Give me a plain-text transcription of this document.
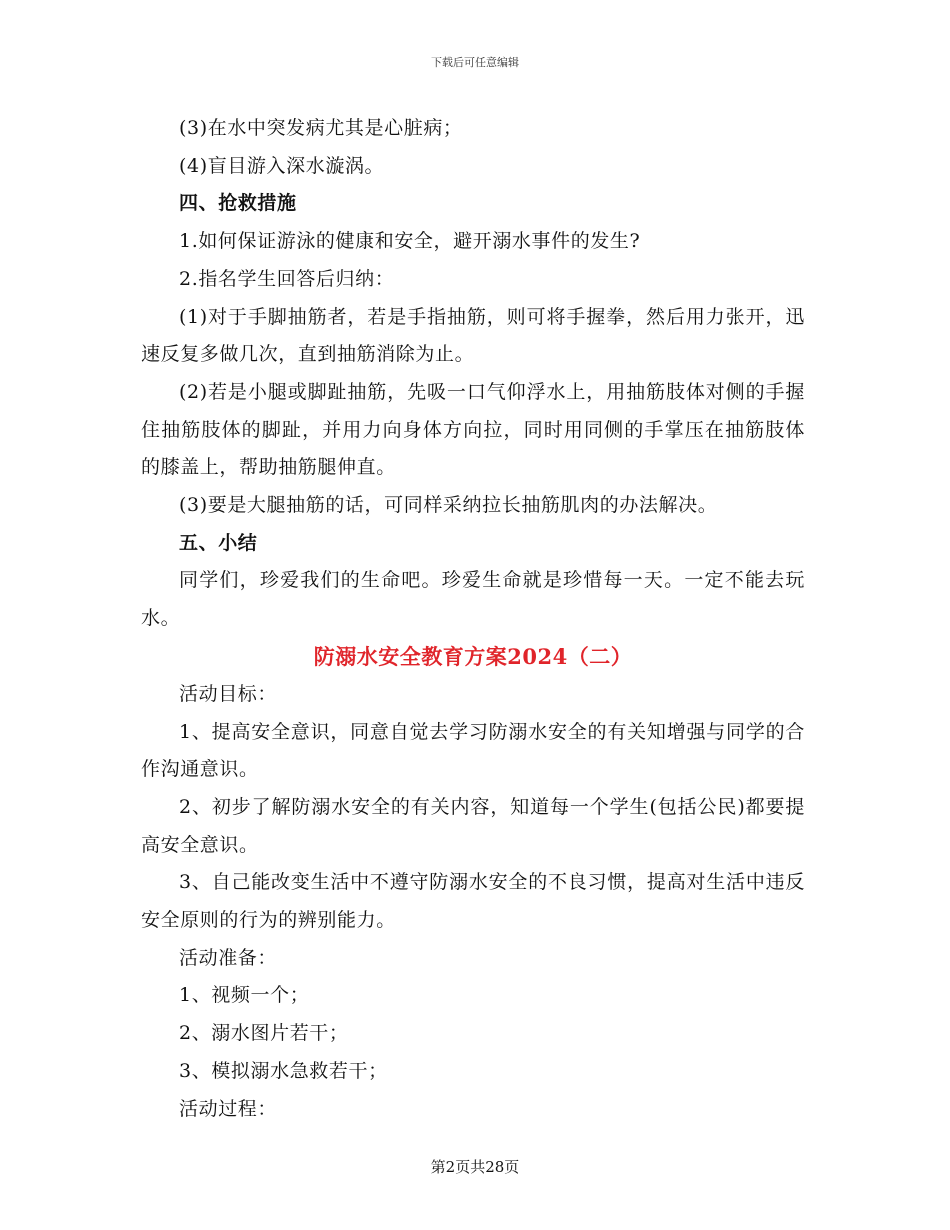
下载后可任意编辑

(3)在水中突发病尤其是心脏病；

(4)盲目游入深水漩涡。

四、抢救措施

1.如何保证游泳的健康和安全，避开溺水事件的发生?

2.指名学生回答后归纳：

(1)对于手脚抽筋者，若是手指抽筋，则可将手握拳，然后用力张开，迅速反复多做几次，直到抽筋消除为止。

(2)若是小腿或脚趾抽筋，先吸一口气仰浮水上，用抽筋肢体对侧的手握住抽筋肢体的脚趾，并用力向身体方向拉，同时用同侧的手掌压在抽筋肢体的膝盖上，帮助抽筋腿伸直。

(3)要是大腿抽筋的话，可同样采纳拉长抽筋肌肉的办法解决。

五、小结

同学们，珍爱我们的生命吧。珍爱生命就是珍惜每一天。一定不能去玩水。

防溺水安全教育方案2024（二）

活动目标：

1、提高安全意识，同意自觉去学习防溺水安全的有关知增强与同学的合作沟通意识。

2、初步了解防溺水安全的有关内容，知道每一个学生(包括公民)都要提高安全意识。

3、自己能改变生活中不遵守防溺水安全的不良习惯，提高对生活中违反安全原则的行为的辨别能力。

活动准备：

1、视频一个；

2、溺水图片若干；

3、模拟溺水急救若干；

活动过程：

第2页共28页
